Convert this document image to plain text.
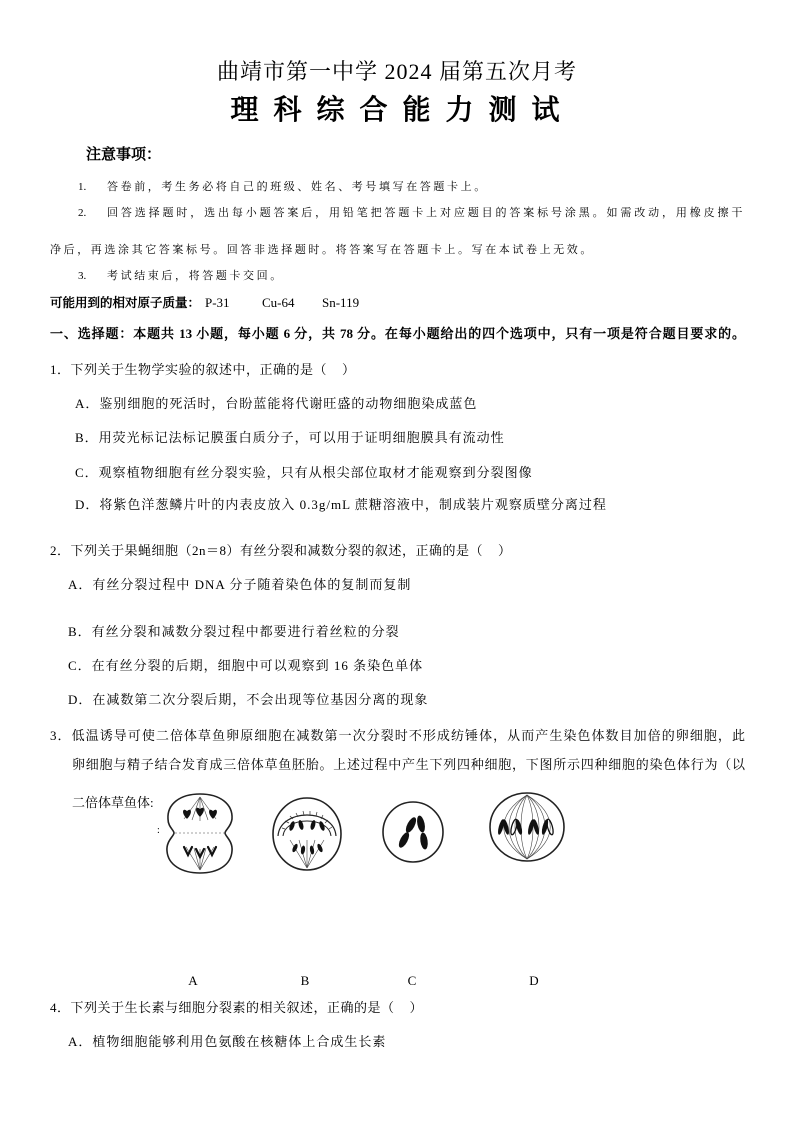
曲靖市第一中学 2024 届第五次月考
理 科 综 合 能 力 测 试
注意事项：
1. 答卷前，考生务必将自己的班级、姓名、考号填写在答题卡上。
2. 回答选择题时，选出每小题答案后，用铅笔把答题卡上对应题目的答案标号涂黑。如需改动，用橡皮擦干
净后，再选涂其它答案标号。回答非选择题时。将答案写在答题卡上。写在本试卷上无效。
3. 考试结束后，将答题卡交回。
可能用到的相对原子质量： P-31 Cu-64 Sn-119
一、选择题：本题共 13 小题，每小题 6 分，共 78 分。在每小题给出的四个选项中，只有一项是符合题目要求的。
1．下列关于生物学实验的叙述中，正确的是（    ）
A．鉴别细胞的死活时，台盼蓝能将代谢旺盛的动物细胞染成蓝色
B．用荧光标记法标记膜蛋白质分子，可以用于证明细胞膜具有流动性
C．观察植物细胞有丝分裂实验，只有从根尖部位取材才能观察到分裂图像
D．将紫色洋葱鳞片叶的内表皮放入 0.3g/mL 蔗糖溶液中，制成装片观察质壁分离过程
2．下列关于果蝇细胞（2n＝8）有丝分裂和减数分裂的叙述，正确的是（    ）
A．有丝分裂过程中 DNA 分子随着染色体的复制而复制
B．有丝分裂和减数分裂过程中都要进行着丝粒的分裂
C．在有丝分裂的后期，细胞中可以观察到 16 条染色单体
D．在减数第二次分裂后期，不会出现等位基因分离的现象
3．低温诱导可使二倍体草鱼卵原细胞在减数第一次分裂时不形成纺锤体，从而产生染色体数目加倍的卵细胞，此
卵细胞与精子结合发育成三倍体草鱼胚胎。上述过程中产生下列四种细胞，下图所示四种细胞的染色体行为（以
二倍体草鱼体:
:
A	B	C	D
4．下列关于生长素与细胞分裂素的相关叙述，正确的是（    ）
A．植物细胞能够利用色氨酸在核糖体上合成生长素
